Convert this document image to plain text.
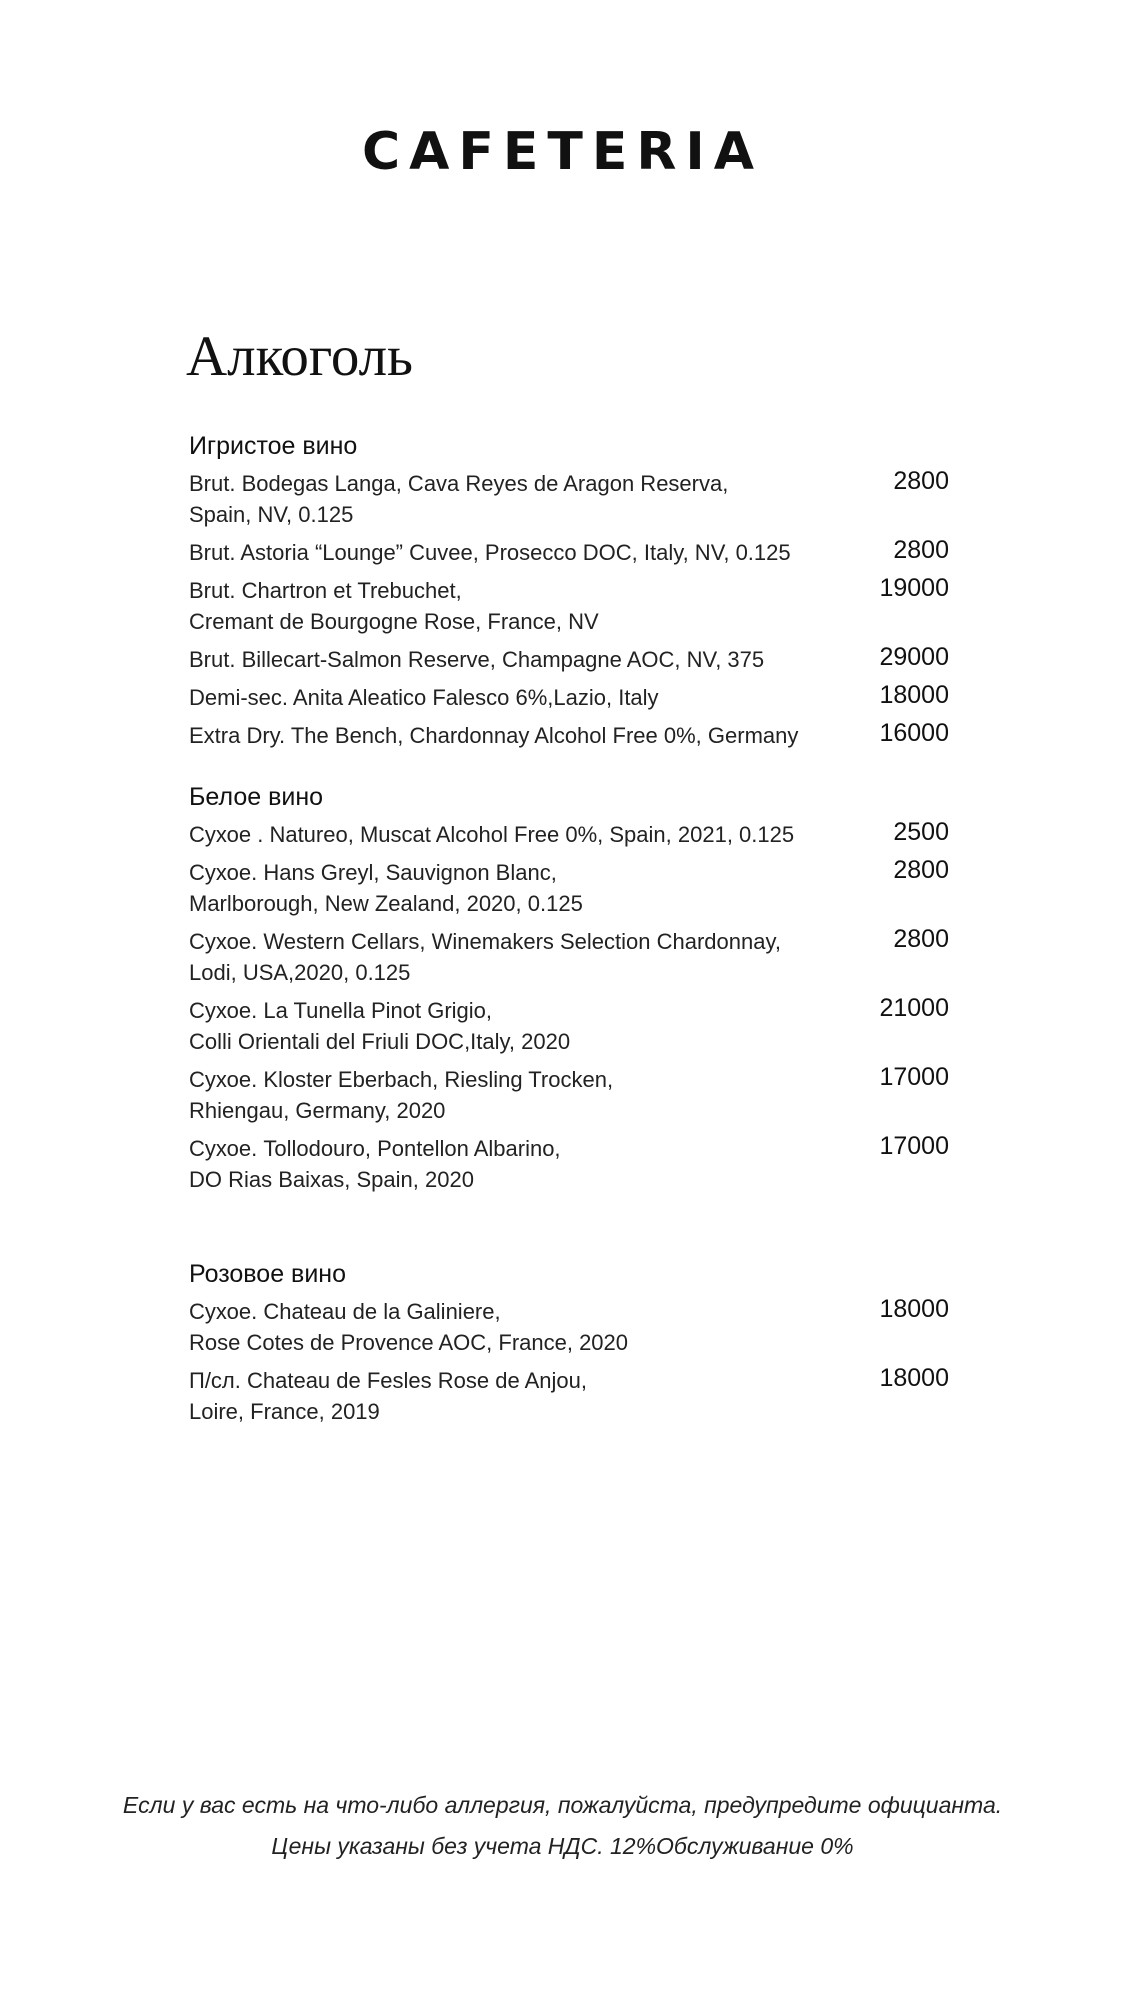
CAFETERIA
Алкоголь
Игристое вино
Brut. Bodegas Langa, Cava Reyes de Aragon Reserva,
Spain, NV, 0.125
2800
Brut. Astoria “Lounge” Cuvee, Prosecco DOC, Italy, NV, 0.125	2800
Brut. Chartron et Trebuchet,
Cremant de Bourgogne Rose, France, NV
19000
Brut. Billecart-Salmon Reserve, Champagne AOC, NV, 375	29000
Demi-sec. Anita Aleatico Falesco 6%,Lazio, Italy	18000
Extra Dry. The Bench, Chardonnay Alcohol Free 0%, Germany	16000
Белое вино
Сухое . Natureo, Muscat Alcohol Free 0%, Spain, 2021, 0.125	2500
Cухое. Hans Greyl, Sauvignon Blanc,
Marlborough, New Zealand, 2020, 0.125
2800
Cухое. Western Cellars, Winemakers Selection Chardonnay,
Lodi, USA,2020, 0.125
2800
Cухое. La Tunella Pinot Grigio,
Colli Orientali del Friuli DOC,Italy, 2020
21000
Cухое. Kloster Eberbach, Riesling Trocken,
Rhiengau, Germany, 2020
17000
Cухое. Tollodouro, Pontellon Albarino,
DO Rias Baixas, Spain, 2020
17000
Розовое вино
Cухое. Chateau de la Galiniere,
Rose Cotes de Provence AOC, France, 2020
18000
П/сл. Chateau de Fesles Rose de Anjou,
Loire, France, 2019
18000
Если у вас есть на что-либо аллергия, пожалуйста, предупредите официанта.
Цены указаны без учета НДС. 12%Обслуживание 0%
